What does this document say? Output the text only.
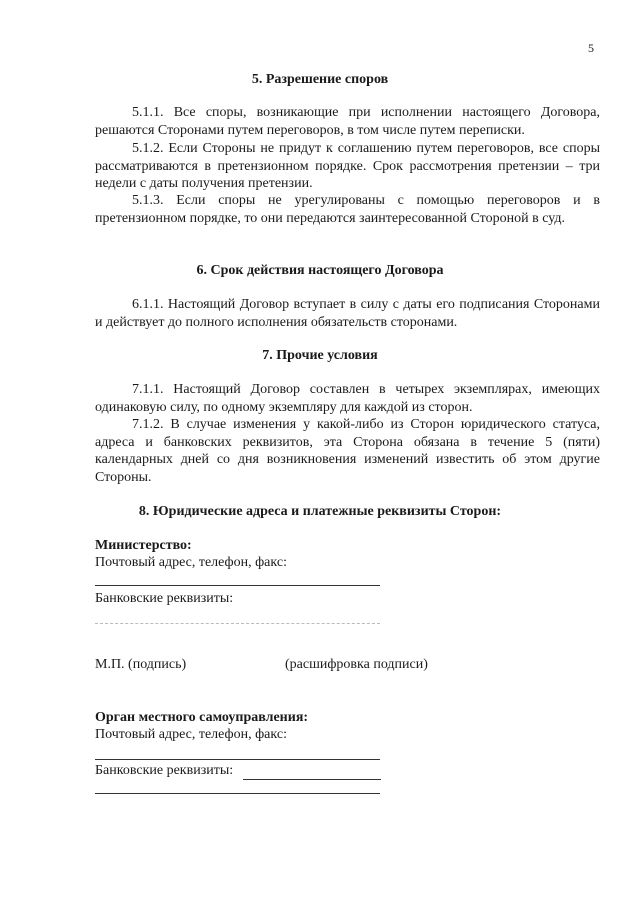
5
5. Разрешение споров
5.1.1. Все споры, возникающие при исполнении настоящего Договора, решаются Сторонами путем переговоров, в том числе путем переписки.
5.1.2. Если Стороны не придут к соглашению путем переговоров, все споры рассматриваются в претензионном порядке. Срок рассмотрения претензии – три недели с даты получения претензии.
5.1.3. Если споры не урегулированы с помощью переговоров и в претензионном порядке, то они передаются заинтересованной Стороной в суд.
6. Срок действия настоящего Договора
6.1.1. Настоящий Договор вступает в силу с даты его подписания Сторонами и действует до полного исполнения обязательств сторонами.
7. Прочие условия
7.1.1. Настоящий Договор составлен в четырех экземплярах, имеющих одинаковую силу, по одному экземпляру для каждой из сторон.
7.1.2. В случае изменения у какой-либо из Сторон юридического статуса, адреса и банковских реквизитов, эта Сторона обязана в течение 5 (пяти) календарных дней со дня возникновения изменений известить об этом другие Стороны.
8. Юридические адреса и платежные реквизиты Сторон:
Министерство:
Почтовый адрес, телефон, факс:
Банковские реквизиты:
М.П. (подпись)	(расшифровка подписи)
Орган местного самоуправления:
Почтовый адрес, телефон, факс:
Банковские реквизиты:
